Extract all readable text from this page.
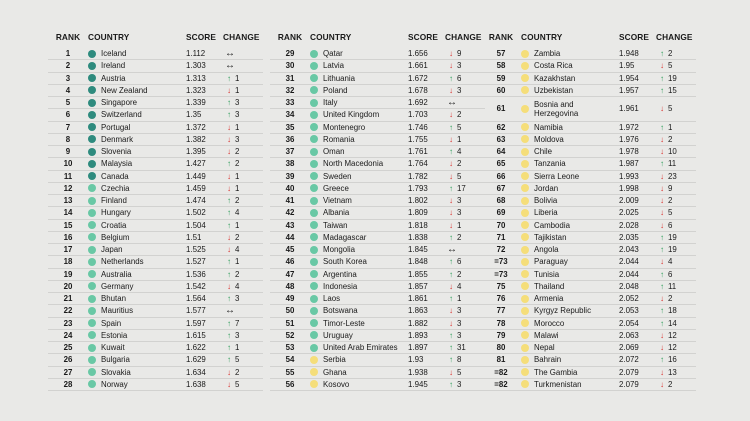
RANK COUNTRY	SCORE CHANGE
1	Iceland	1.112	↔
2	Ireland	1.303	↔
3	Austria	1.313	↑ 1
4	New Zealand	1.323	↓ 1
5	Singapore	1.339	↑ 3
6	Switzerland	1.35	↑ 3
7	Portugal	1.372	↓ 1
8	Denmark	1.382	↓ 3
9	Slovenia	1.395	↓ 2
10	Malaysia	1.427	↑ 2
11	Canada	1.449	↓ 1
12	Czechia	1.459	↓ 1
13	Finland	1.474	↑ 2
14	Hungary	1.502	↑ 4
15	Croatia	1.504	↑ 1
16	Belgium	1.51	↓ 2
17	Japan	1.525	↓ 4
18	Netherlands	1.527	↑ 1
19	Australia	1.536	↑ 2
20	Germany	1.542	↓ 4
21	Bhutan	1.564	↑ 3
22	Mauritius	1.577	↔
23	Spain	1.597	↑ 7
24	Estonia	1.615	↑ 3
25	Kuwait	1.622	↑ 1
26	Bulgaria	1.629	↑ 5
27	Slovakia	1.634	↓ 2
28	Norway	1.638	↓ 5
RANK COUNTRY	SCORE CHANGE
29	Qatar	1.656	↓ 9
30	Latvia	1.661	↓ 3
31	Lithuania	1.672	↑ 6
32	Poland	1.678	↓ 3
33	Italy	1.692	↔
34	United Kingdom	1.703	↓ 2
35	Montenegro	1.746	↑ 5
36	Romania	1.755	↓ 1
37	Oman	1.761	↑ 4
38	North Macedonia	1.764	↓ 2
39	Sweden	1.782	↓ 5
40	Greece	1.793	↑ 17
41	Vietnam	1.802	↓ 3
42	Albania	1.809	↓ 3
43	Taiwan	1.818	↓ 1
44	Madagascar	1.838	↑ 2
45	Mongolia	1.845	↔
46	South Korea	1.848	↑ 6
47	Argentina	1.855	↑ 2
48	Indonesia	1.857	↓ 4
49	Laos	1.861	↑ 1
50	Botswana	1.863	↓ 3
51	Timor-Leste	1.882	↓ 3
52	Uruguay	1.893	↑ 3
53	United Arab Emirates	1.897	↑ 31
54	Serbia	1.93	↑ 8
55	Ghana	1.938	↓ 5
56	Kosovo	1.945	↑ 3
RANK COUNTRY	SCORE CHANGE
57	Zambia	1.948	↑ 2
58	Costa Rica	1.95	↓ 5
59	Kazakhstan	1.954	↑ 19
60	Uzbekistan	1.957	↑ 15
61	Bosnia and Herzegovina	1.961	↓ 5
62	Namibia	1.972	↑ 1
63	Moldova	1.976	↓ 2
64	Chile	1.978	↓ 10
65	Tanzania	1.987	↑ 11
66	Sierra Leone	1.993	↓ 23
67	Jordan	1.998	↓ 9
68	Bolivia	2.009	↓ 2
69	Liberia	2.025	↓ 5
70	Cambodia	2.028	↓ 6
71	Tajikistan	2.035	↑ 19
72	Angola	2.043	↑ 19
=73	Paraguay	2.044	↓ 4
=73	Tunisia	2.044	↑ 6
75	Thailand	2.048	↑ 11
76	Armenia	2.052	↓ 2
77	Kyrgyz Republic	2.053	↑ 18
78	Morocco	2.054	↑ 14
79	Malawi	2.063	↓ 12
80	Nepal	2.069	↓ 12
81	Bahrain	2.072	↑ 16
=82	The Gambia	2.079	↓ 13
=82	Turkmenistan	2.079	↓ 2
